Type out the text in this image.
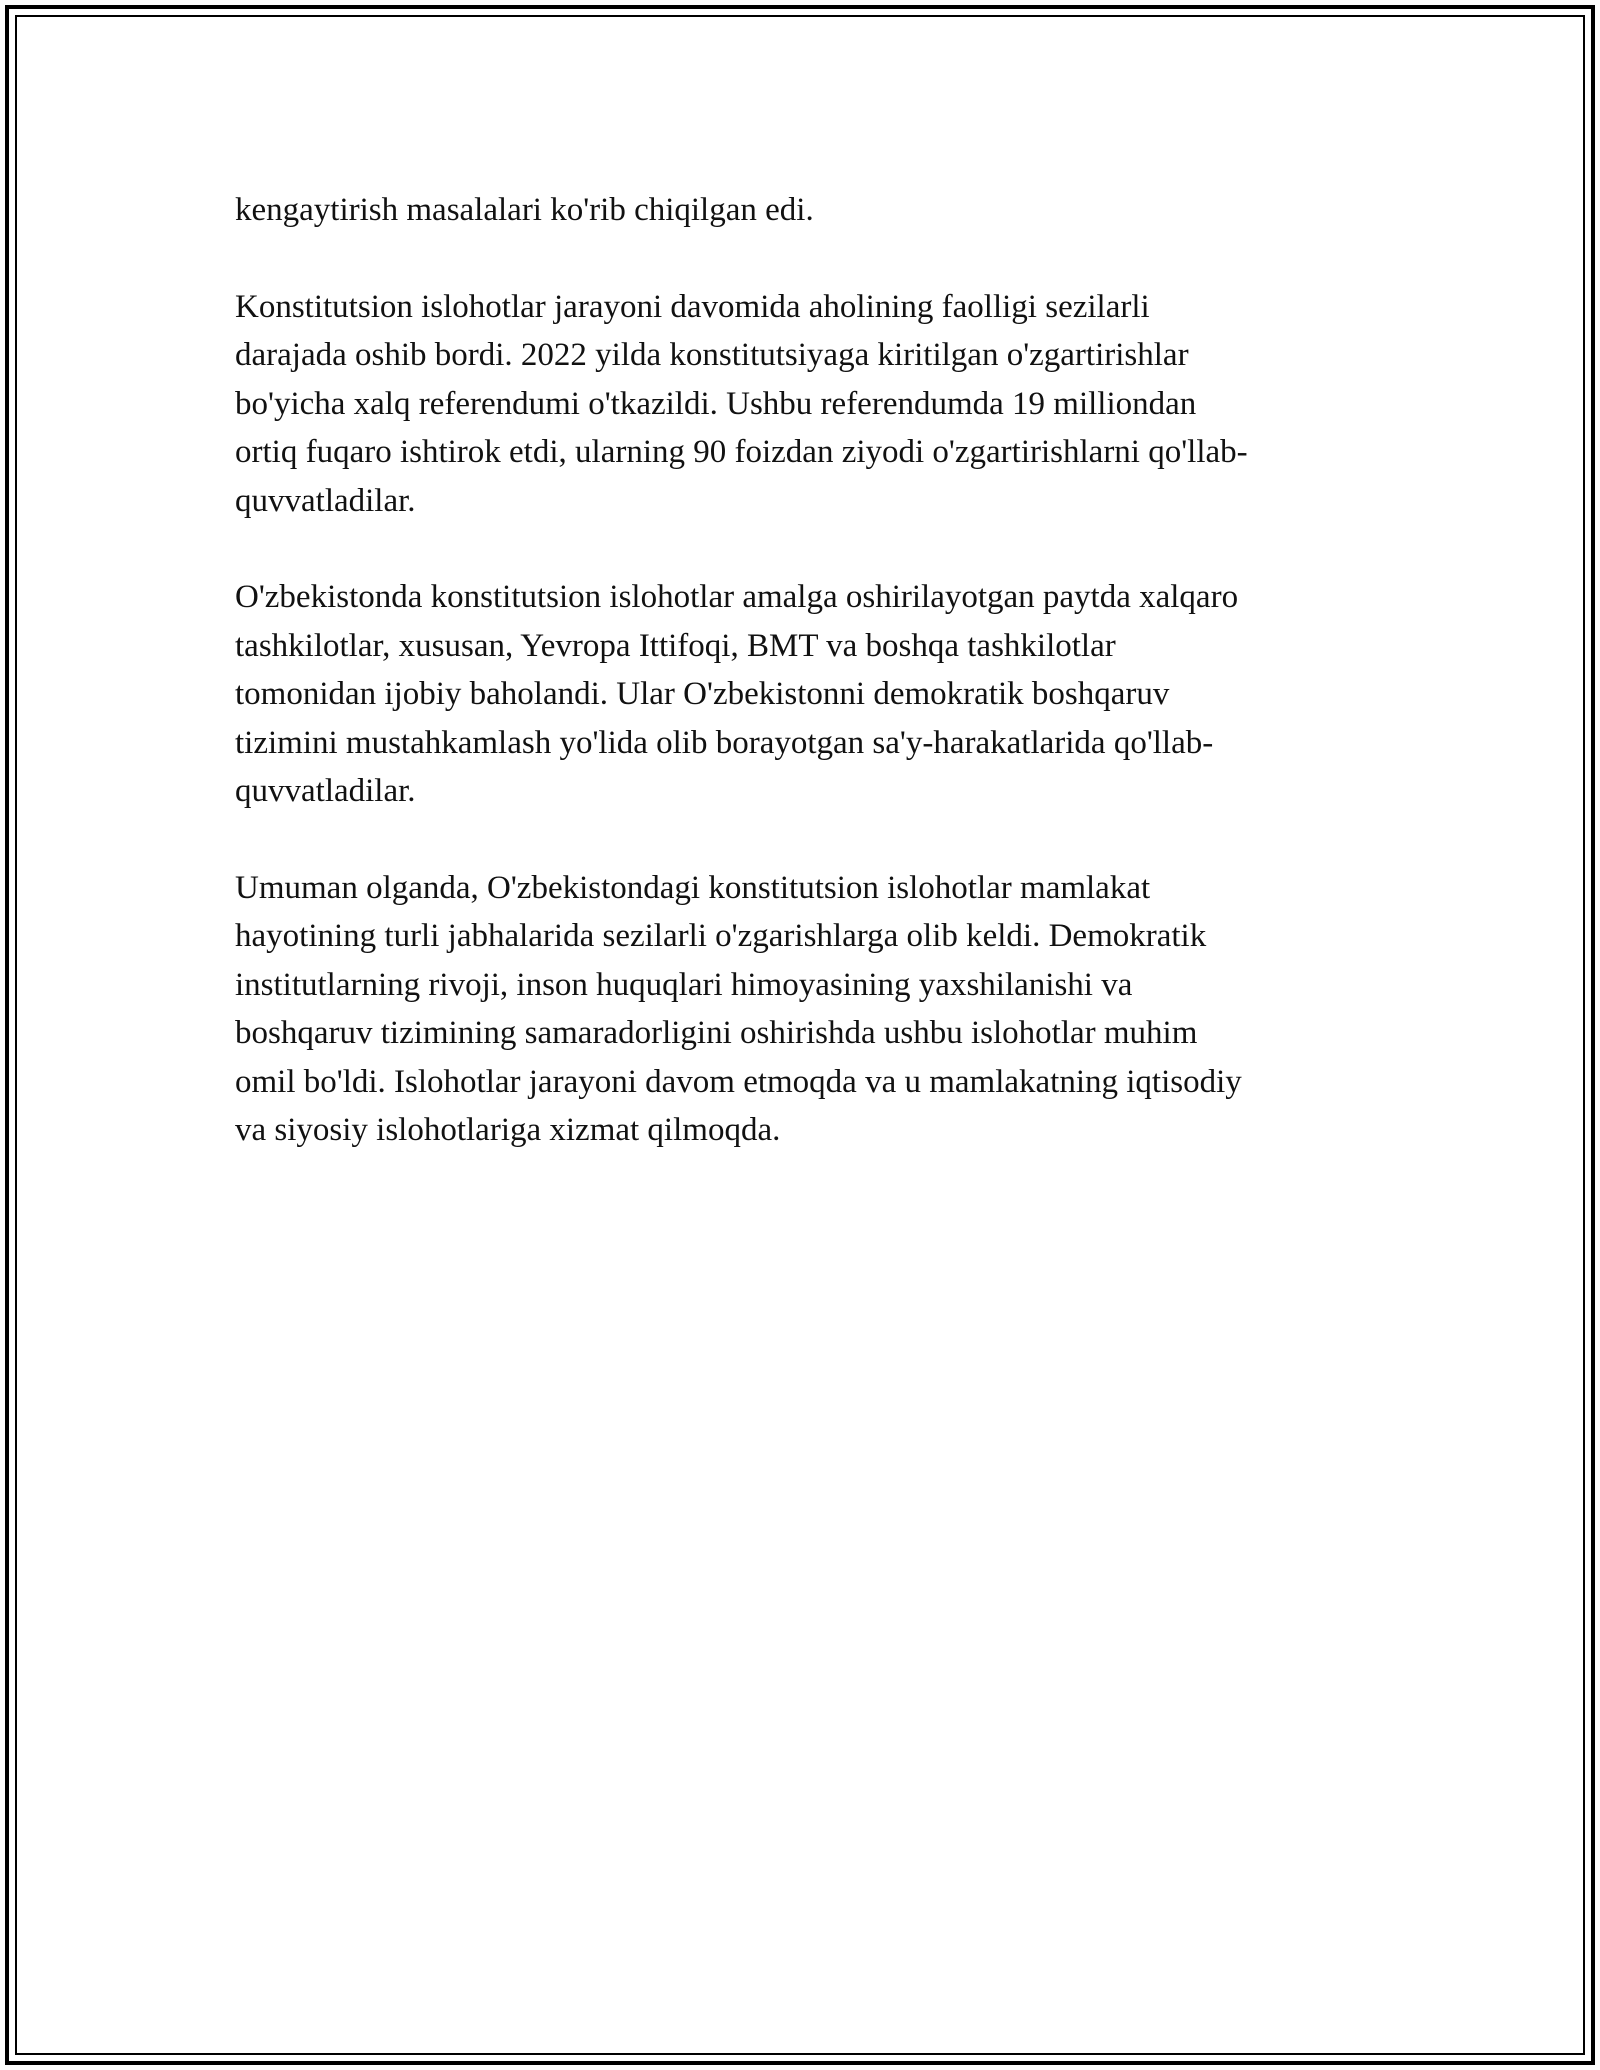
kengaytirish masalalari ko'rib chiqilgan edi.

Konstitutsion islohotlar jarayoni davomida aholining faolligi sezilarli
darajada oshib bordi. 2022 yilda konstitutsiyaga kiritilgan o'zgartirishlar
bo'yicha xalq referendumi o'tkazildi. Ushbu referendumda 19 milliondan
ortiq fuqaro ishtirok etdi, ularning 90 foizdan ziyodi o'zgartirishlarni qo'llab-
quvvatladilar.

O'zbekistonda konstitutsion islohotlar amalga oshirilayotgan paytda xalqaro
tashkilotlar, xususan, Yevropa Ittifoqi, BMT va boshqa tashkilotlar
tomonidan ijobiy baholandi. Ular O'zbekistonni demokratik boshqaruv
tizimini mustahkamlash yo'lida olib borayotgan sa'y-harakatlarida qo'llab-
quvvatladilar.

Umuman olganda, O'zbekistondagi konstitutsion islohotlar mamlakat
hayotining turli jabhalarida sezilarli o'zgarishlarga olib keldi. Demokratik
institutlarning rivoji, inson huquqlari himoyasining yaxshilanishi va
boshqaruv tizimining samaradorligini oshirishda ushbu islohotlar muhim
omil bo'ldi. Islohotlar jarayoni davom etmoqda va u mamlakatning iqtisodiy
va siyosiy islohotlariga xizmat qilmoqda.
